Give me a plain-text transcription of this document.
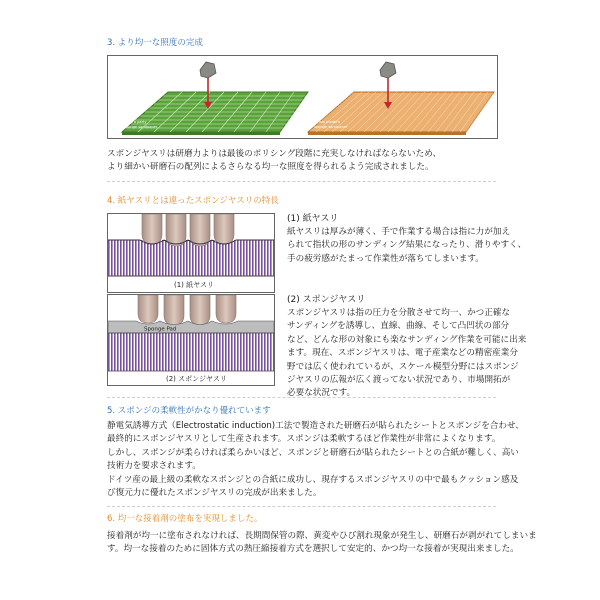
3. より均一な照度の完成
A third party sponge sandpaper
Infinis model's sponge sandpaper
スポンジヤスリは研磨力よりは最後のポリシング段階に充実しなければならないため、
より細かい研磨石の配列によるさらなる均一な照度を得られるよう完成されました。
4. 紙ヤスリとは違ったスポンジヤスリの特長
(1) 紙ヤスリ
Sponge Pad
(2) スポンジヤスリ
(1) 紙ヤスリ
紙ヤスリは厚みが薄く、手で作業する場合は指に力が加え
られて指状の形のサンディング結果になったり、滑りやすく、
手の疲労感がたまって作業性が落ちてしまいます。
(2) スポンジヤスリ
スポンジヤスリは指の圧力を分散させて均一、かつ正確な
サンディングを誘導し、直線、曲線、そして凸凹状の部分
など、どんな形の対象にも楽なサンディング作業を可能に出来
ます。現在、スポンジヤスリは、電子産業などの精密産業分
野では広く使われているが、スケール模型分野にはスポンジ
ジヤスリの広報が広く渡ってない状況であり、市場開拓が
必要な状況です。
5. スポンジの柔軟性がかなり優れています
静電気誘導方式（Electrostatic induction)工法で製造された研磨石が貼られたシートとスポンジを合わせ、
最終的にスポンジヤスリとして生産されます。スポンジは柔軟するほど作業性が非常によくなります。
しかし、スポンジが柔らければ柔らかいほど、スポンジと研磨石が貼られたシートとの合紙が難しく、高い
技術力を要求されます。
ドイツ産の最上級の柔軟なスポンジとの合紙に成功し、現存するスポンジヤスリの中で最もクッション感及
び復元力に優れたスポンジヤスリの完成が出来ました。
6. 均一な接着剤の塗布を実現しました。
接着剤が均一に塗布されなければ、長期間保管の際、黄変やひび割れ現象が発生し、研磨石が剥がれてしまいま
す。均一な接着のために固体方式の熱圧縮接着方式を選択して安定的、かつ均一な接着が実現出来ました。
